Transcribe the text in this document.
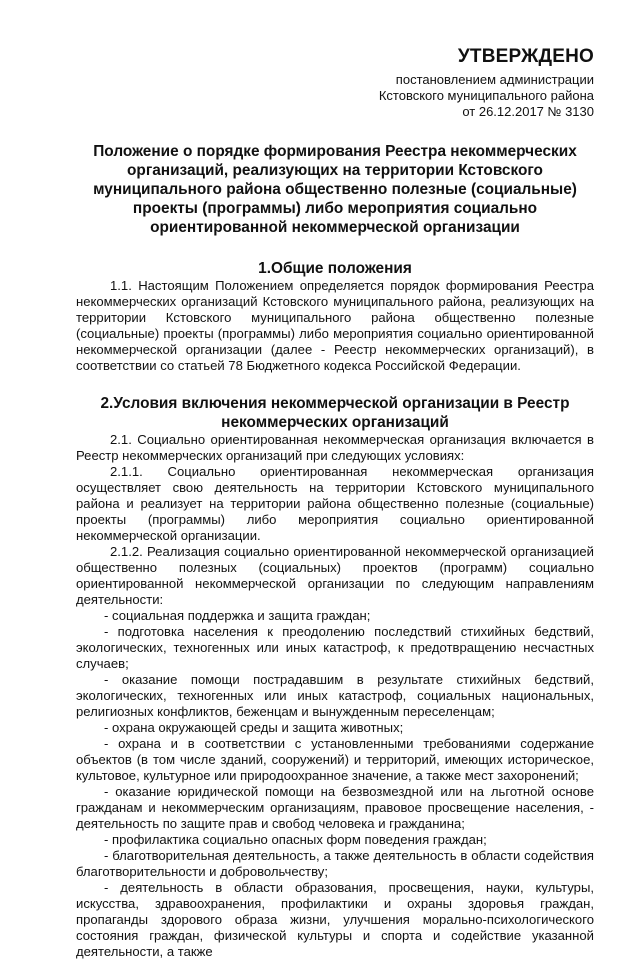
УТВЕРЖДЕНО
постановлением администрации
Кстовского муниципального района
от 26.12.2017 № 3130
Положение о порядке формирования Реестра некоммерческих организаций, реализующих на территории Кстовского муниципального района общественно полезные (социальные) проекты (программы) либо мероприятия социально ориентированной некоммерческой организации
1.Общие положения

1.1. Настоящим Положением определяется порядок формирования Реестра некоммерческих организаций Кстовского муниципального района, реализующих на территории Кстовского муниципального района общественно полезные (социальные) проекты (программы) либо мероприятия социально ориентированной некоммерческой организации (далее - Реестр некоммерческих организаций), в соответствии со статьей 78 Бюджетного кодекса Российской Федерации.

2.Условия включения некоммерческой организации в Реестр некоммерческих организаций

2.1. Социально ориентированная некоммерческая организация включается в Реестр некоммерческих организаций при следующих условиях:

2.1.1. Социально ориентированная некоммерческая организация осуществляет свою деятельность на территории Кстовского муниципального района и реализует на территории района общественно полезные (социальные) проекты (программы) либо мероприятия социально ориентированной некоммерческой организации.

2.1.2. Реализация социально ориентированной некоммерческой организацией общественно полезных (социальных) проектов (программ) социально ориентированной некоммерческой организации по следующим направлениям деятельности:

- социальная поддержка и защита граждан;

- подготовка населения к преодолению последствий стихийных бедствий, экологических, техногенных или иных катастроф, к предотвращению несчастных случаев;

- оказание помощи пострадавшим в результате стихийных бедствий, экологических, техногенных или иных катастроф, социальных национальных, религиозных конфликтов, беженцам и вынужденным переселенцам;

- охрана окружающей среды и защита животных;

- охрана и в соответствии с установленными требованиями содержание объектов (в том числе зданий, сооружений) и территорий, имеющих историческое, культовое, культурное или природоохранное значение, а также мест захоронений;

- оказание юридической помощи на безвозмездной или на льготной основе гражданам и некоммерческим организациям, правовое просвещение населения, - деятельность по защите прав и свобод человека и гражданина;

- профилактика социально опасных форм поведения граждан;

- благотворительная деятельность, а также деятельность в области содействия благотворительности и добровольчеству;

- деятельность в области образования, просвещения, науки, культуры, искусства, здравоохранения, профилактики и охраны здоровья граждан, пропаганды здорового образа жизни, улучшения морально-психологического состояния граждан, физической культуры и спорта и содействие указанной деятельности, а также
